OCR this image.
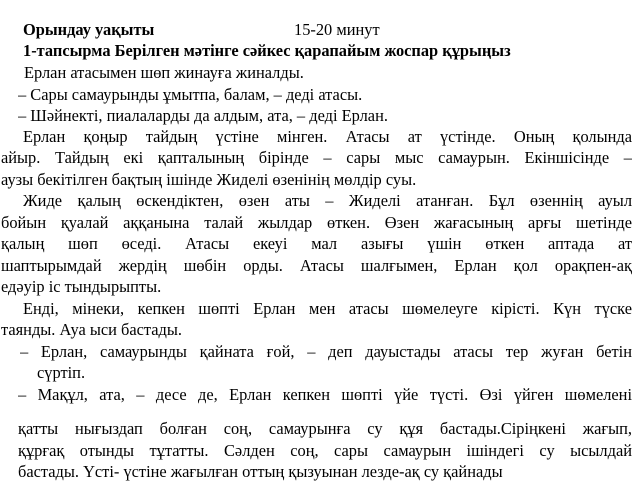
Орындау уақыты	15-20 минут
1-тапсырма Берілген мәтінге сәйкес қарапайым жоспар құрыңыз
Ерлан атасымен шөп жинауға жиналды.
– Сары самаурынды ұмытпа, балам, – деді атасы.
– Шәйнекті, пиалаларды да алдым, ата, – деді Ерлан.
Ерлан қоңыр тайдың үстіне мінген. Атасы ат үстінде. Оның қолында
айыр. Тайдың екі қапталының бірінде – сары мыс самаурын. Екіншісінде –
аузы бекітілген бақтың ішінде Жиделі өзенінің мөлдір суы.
Жиде қалың өскендіктен, өзен аты – Жиделі атанған. Бұл өзеннің ауыл
бойын қуалай аққанына талай жылдар өткен. Өзен жағасының арғы шетінде
қалың шөп өседі. Атасы екеуі мал азығы үшін өткен аптада ат
шаптырымдай жердің шөбін орды. Атасы шалғымен, Ерлан қол орақпен-ақ
едәуір іс тындырыпты.
Енді, мінеки, кепкен шөпті Ерлан мен атасы шөмелеуге кірісті. Күн түске
таянды. Ауа ыси бастады.
– Ерлан, самаурынды қайната ғой, – деп дауыстады атасы тер жуған бетін
сүртіп.
– Мақұл, ата, – десе де, Ерлан кепкен шөпті үйе түсті. Өзі үйген шөмелені
қатты нығыздап болған соң, самаурынға су құя бастады.Сіріңкені жағып,
құрғақ отынды тұтатты. Сәлден соң, сары самаурын ішіндегі су ысылдай
бастады. Үсті- үстіне жағылған оттың қызуынан лезде-ақ су қайнады
